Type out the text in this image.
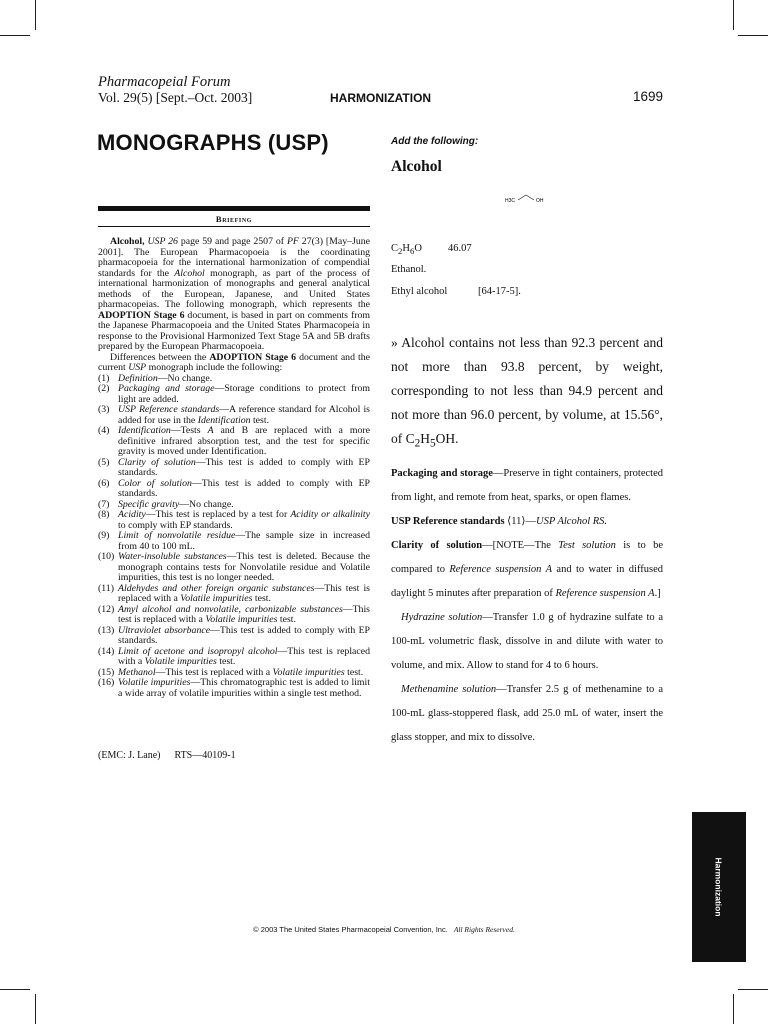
Pharmacopeial Forum
Vol. 29(5) [Sept.–Oct. 2003]	HARMONIZATION	1699
MONOGRAPHS (USP)	Add the following:
Alcohol
H3C	OH
Briefing

Alcohol, USP 26 page 59 and page 2507 of PF 27(3) [May–June 2001]. The European Pharmacopoeia is the coordinating pharmacopoeia for the international harmonization of compendial standards for the Alcohol monograph, as part of the process of international harmonization of monographs and general analytical methods of the European, Japanese, and United States pharmacopeias. The following monograph, which represents the ADOPTION Stage 6 document, is based in part on comments from the Japanese Pharmacopoeia and the United States Pharmacopeia in response to the Provisional Harmonized Text Stage 5A and 5B drafts prepared by the European Pharmacopoeia.

Differences between the ADOPTION Stage 6 document and the current USP monograph include the following:

(1) Definition—No change.
(2) Packaging and storage—Storage conditions to protect from light are added.
(3) USP Reference standards—A reference standard for Alcohol is added for use in the Identification test.
(4) Identification—Tests A and B are replaced with a more definitive infrared absorption test, and the test for specific gravity is moved under Identification.
(5) Clarity of solution—This test is added to comply with EP standards.
(6) Color of solution—This test is added to comply with EP standards.
(7) Specific gravity—No change.
(8) Acidity—This test is replaced by a test for Acidity or alkalinity to comply with EP standards.
(9) Limit of nonvolatile residue—The sample size in increased from 40 to 100 mL.
(10) Water-insoluble substances—This test is deleted. Because the monograph contains tests for Nonvolatile residue and Volatile impurities, this test is no longer needed.
(11) Aldehydes and other foreign organic substances—This test is replaced with a Volatile impurities test.
(12) Amyl alcohol and nonvolatile, carbonizable substances—This test is replaced with a Volatile impurities test.
(13) Ultraviolet absorbance—This test is added to comply with EP standards.
(14) Limit of acetone and isopropyl alcohol—This test is replaced with a Volatile impurities test.
(15) Methanol—This test is replaced with a Volatile impurities test.
(16) Volatile impurities—This chromatographic test is added to limit a wide array of volatile impurities within a single test method.
(EMC: J. Lane) RTS—40109-1
$C_2H_6O$ 46.07
Ethanol.
Ethyl alcohol	[64-17-5].

» Alcohol contains not less than 92.3 percent and not more than 93.8 percent, by weight, corresponding to not less than 94.9 percent and not more than 96.0 percent, by volume, at 15.56°, of $C_2H_5OH$.

Packaging and storage—Preserve in tight containers, protected from light, and remote from heat, sparks, or open flames.

USP Reference standards ⟨11⟩—USP Alcohol RS.

Clarity of solution—[NOTE—The Test solution is to be compared to Reference suspension A and to water in diffused daylight 5 minutes after preparation of Reference suspension A.]

Hydrazine solution—Transfer 1.0 g of hydrazine sulfate to a 100-mL volumetric flask, dissolve in and dilute with water to volume, and mix. Allow to stand for 4 to 6 hours.

Methenamine solution—Transfer 2.5 g of methenamine to a 100-mL glass-stoppered flask, add 25.0 mL of water, insert the glass stopper, and mix to dissolve.

Harmonization
© 2003 The United States Pharmacopeial Convention, Inc. All Rights Reserved.
